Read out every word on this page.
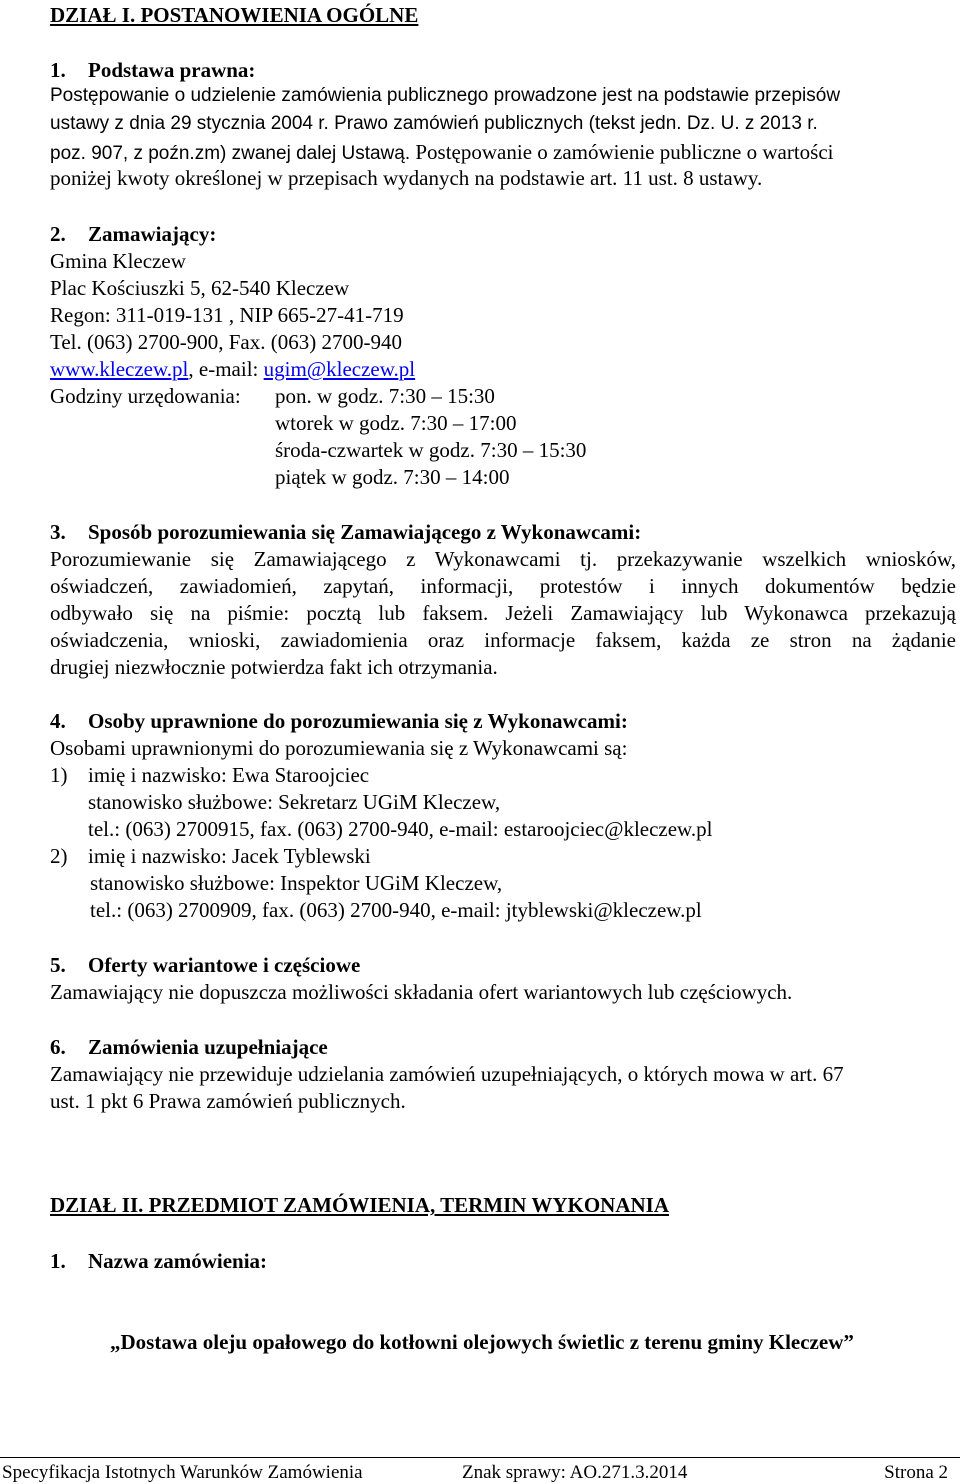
DZIAŁ I. POSTANOWIENIA OGÓLNE
1. Podstawa prawna:
Postępowanie o udzielenie zamówienia publicznego prowadzone jest na podstawie przepisów
ustawy z dnia 29 stycznia 2004 r. Prawo zamówień publicznych (tekst jedn. Dz. U. z 2013 r.
poz. 907, z poźn.zm) zwanej dalej Ustawą. Postępowanie o zamówienie publiczne o wartości
poniżej kwoty określonej w przepisach wydanych na podstawie art. 11 ust. 8 ustawy.
2. Zamawiający:
Gmina Kleczew
Plac Kościuszki 5, 62-540 Kleczew
Regon: 311-019-131 , NIP 665-27-41-719
Tel. (063) 2700-900, Fax. (063) 2700-940
www.kleczew.pl, e-mail: ugim@kleczew.pl
Godziny urzędowania: pon. w godz. 7:30 – 15:30
wtorek w godz. 7:30 – 17:00
środa-czwartek w godz. 7:30 – 15:30
piątek w godz. 7:30 – 14:00
3. Sposób porozumiewania się Zamawiającego z Wykonawcami:
Porozumiewanie się Zamawiającego z Wykonawcami tj. przekazywanie wszelkich wniosków,
oświadczeń, zawiadomień, zapytań, informacji, protestów i innych dokumentów będzie
odbywało się na piśmie: pocztą lub faksem. Jeżeli Zamawiający lub Wykonawca przekazują
oświadczenia, wnioski, zawiadomienia oraz informacje faksem, każda ze stron na żądanie
drugiej niezwłocznie potwierdza fakt ich otrzymania.
4. Osoby uprawnione do porozumiewania się z Wykonawcami:
Osobami uprawnionymi do porozumiewania się z Wykonawcami są:
1) imię i nazwisko: Ewa Staroojciec
stanowisko służbowe: Sekretarz UGiM Kleczew,
tel.: (063) 2700915, fax. (063) 2700-940, e-mail: estaroojciec@kleczew.pl
2) imię i nazwisko: Jacek Tyblewski
stanowisko służbowe: Inspektor UGiM Kleczew,
tel.: (063) 2700909, fax. (063) 2700-940, e-mail: jtyblewski@kleczew.pl
5. Oferty wariantowe i częściowe
Zamawiający nie dopuszcza możliwości składania ofert wariantowych lub częściowych.
6. Zamówienia uzupełniające
Zamawiający nie przewiduje udzielania zamówień uzupełniających, o których mowa w art. 67
ust. 1 pkt 6 Prawa zamówień publicznych.
DZIAŁ II. PRZEDMIOT ZAMÓWIENIA, TERMIN WYKONANIA
1. Nazwa zamówienia:
„Dostawa oleju opałowego do kotłowni olejowych świetlic z terenu gminy Kleczew”
Specyfikacja Istotnych Warunków Zamówienia	Znak sprawy: AO.271.3.2014	Strona 2
